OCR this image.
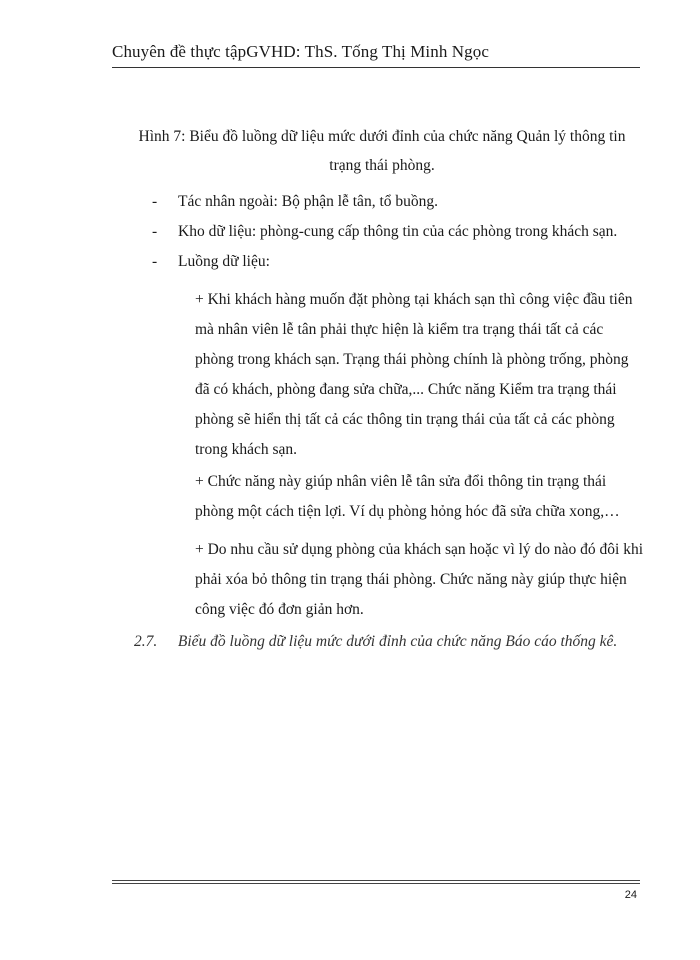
Chuyên đề thực tậpGVHD: ThS. Tống Thị Minh Ngọc
Hình 7: Biểu đồ luồng dữ liệu mức dưới đỉnh của chức năng Quản lý thông tin
trạng thái phòng.
-	Tác nhân ngoài: Bộ phận lễ tân, tổ buồng.
-	Kho dữ liệu: phòng-cung cấp thông tin của các phòng trong khách sạn.
-	Luồng dữ liệu:
+ Khi khách hàng muốn đặt phòng tại khách sạn thì công việc đầu tiên mà nhân viên lễ tân phải thực hiện là kiểm tra trạng thái tất cả các phòng trong khách sạn. Trạng thái phòng chính là phòng trống, phòng đã có khách, phòng đang sửa chữa,... Chức năng Kiểm tra trạng thái phòng sẽ hiển thị tất cả các thông tin trạng thái của tất cả các phòng trong khách sạn.
+ Chức năng này giúp nhân viên lễ tân sửa đổi thông tin trạng thái phòng một cách tiện lợi. Ví dụ phòng hỏng hóc đã sửa chữa xong,…
+ Do nhu cầu sử dụng phòng của khách sạn hoặc vì lý do nào đó đôi khi phải xóa bỏ thông tin trạng thái phòng. Chức năng này giúp thực hiện công việc đó đơn giản hơn.
2.7. Biểu đồ luồng dữ liệu mức dưới đỉnh của chức năng Báo cáo thống kê.
24
